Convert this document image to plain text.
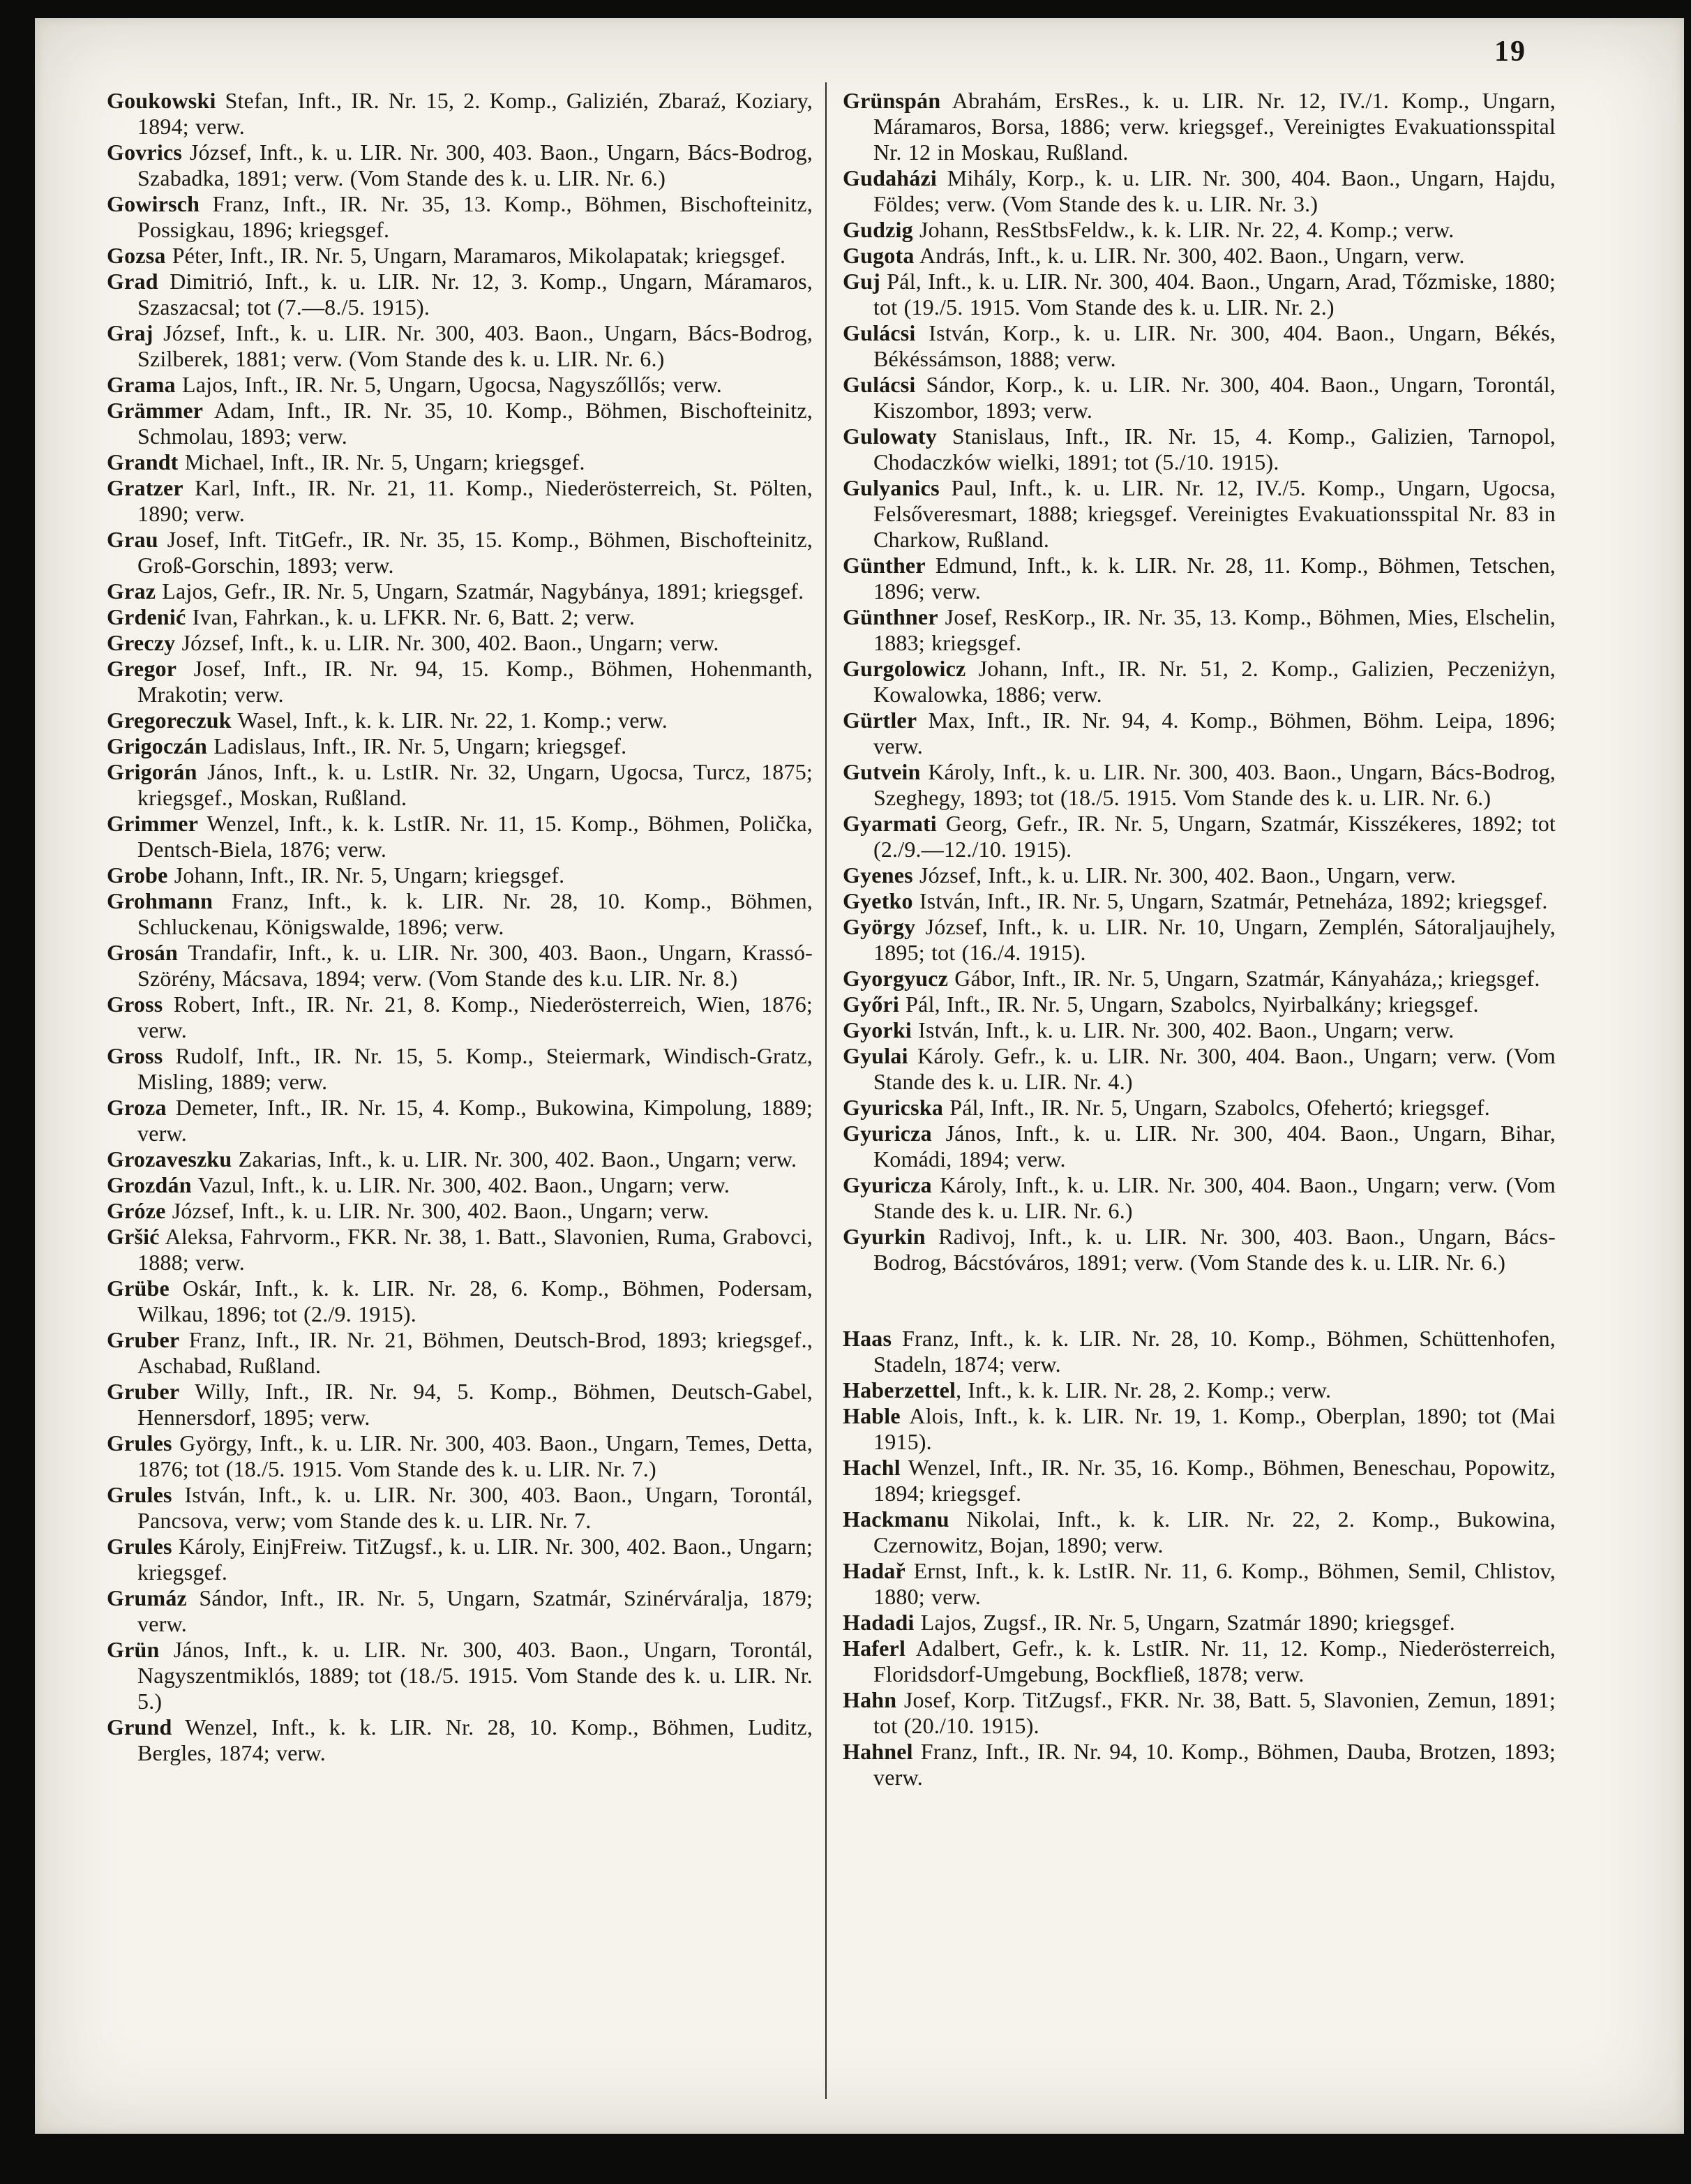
19

Goukowski Stefan, Inft., IR. Nr. 15, 2. Komp., Galizién, Zbaraź, Koziary, 1894; verw.

Govrics József, Inft., k. u. LIR. Nr. 300, 403. Baon., Ungarn, Bács-Bodrog, Szabadka, 1891; verw. (Vom Stande des k. u. LIR. Nr. 6.)

Gowirsch Franz, Inft., IR. Nr. 35, 13. Komp., Böhmen, Bischofteinitz, Possigkau, 1896; kriegsgef.

Gozsa Péter, Inft., IR. Nr. 5, Ungarn, Maramaros, Mikolapatak; kriegsgef.

Grad Dimitrió, Inft., k. u. LIR. Nr. 12, 3. Komp., Ungarn, Máramaros, Szaszacsal; tot (7.—8./5. 1915).

Graj József, Inft., k. u. LIR. Nr. 300, 403. Baon., Ungarn, Bács-Bodrog, Szilberek, 1881; verw. (Vom Stande des k. u. LIR. Nr. 6.)

Grama Lajos, Inft., IR. Nr. 5, Ungarn, Ugocsa, Nagyszőllős; verw.

Grämmer Adam, Inft., IR. Nr. 35, 10. Komp., Böhmen, Bischofteinitz, Schmolau, 1893; verw.

Grandt Michael, Inft., IR. Nr. 5, Ungarn; kriegsgef.

Gratzer Karl, Inft., IR. Nr. 21, 11. Komp., Niederösterreich, St. Pölten, 1890; verw.

Grau Josef, Inft. TitGefr., IR. Nr. 35, 15. Komp., Böhmen, Bischofteinitz, Groß-Gorschin, 1893; verw.

Graz Lajos, Gefr., IR. Nr. 5, Ungarn, Szatmár, Nagybánya, 1891; kriegsgef.

Grdenić Ivan, Fahrkan., k. u. LFKR. Nr. 6, Batt. 2; verw.

Greczy József, Inft., k. u. LIR. Nr. 300, 402. Baon., Ungarn; verw.

Gregor Josef, Inft., IR. Nr. 94, 15. Komp., Böhmen, Hohenmanth, Mrakotin; verw.

Gregoreczuk Wasel, Inft., k. k. LIR. Nr. 22, 1. Komp.; verw.

Grigoczán Ladislaus, Inft., IR. Nr. 5, Ungarn; kriegsgef.

Grigorán János, Inft., k. u. LstIR. Nr. 32, Ungarn, Ugocsa, Turcz, 1875; kriegsgef., Moskan, Rußland.

Grimmer Wenzel, Inft., k. k. LstIR. Nr. 11, 15. Komp., Böhmen, Polička, Dentsch-Biela, 1876; verw.

Grobe Johann, Inft., IR. Nr. 5, Ungarn; kriegsgef.

Grohmann Franz, Inft., k. k. LIR. Nr. 28, 10. Komp., Böhmen, Schluckenau, Königswalde, 1896; verw.

Grosán Trandafir, Inft., k. u. LIR. Nr. 300, 403. Baon., Ungarn, Krassó-Szörény, Mácsava, 1894; verw. (Vom Stande des k.u. LIR. Nr. 8.)

Gross Robert, Inft., IR. Nr. 21, 8. Komp., Niederösterreich, Wien, 1876; verw.

Gross Rudolf, Inft., IR. Nr. 15, 5. Komp., Steiermark, Windisch-Gratz, Misling, 1889; verw.

Groza Demeter, Inft., IR. Nr. 15, 4. Komp., Bukowina, Kimpolung, 1889; verw.

Grozaveszku Zakarias, Inft., k. u. LIR. Nr. 300, 402. Baon., Ungarn; verw.

Grozdán Vazul, Inft., k. u. LIR. Nr. 300, 402. Baon., Ungarn; verw.

Gróze József, Inft., k. u. LIR. Nr. 300, 402. Baon., Ungarn; verw.

Gršić Aleksa, Fahrvorm., FKR. Nr. 38, 1. Batt., Slavonien, Ruma, Grabovci, 1888; verw.

Grübe Oskár, Inft., k. k. LIR. Nr. 28, 6. Komp., Böhmen, Podersam, Wilkau, 1896; tot (2./9. 1915).

Gruber Franz, Inft., IR. Nr. 21, Böhmen, Deutsch-Brod, 1893; kriegsgef., Aschabad, Rußland.

Gruber Willy, Inft., IR. Nr. 94, 5. Komp., Böhmen, Deutsch-Gabel, Hennersdorf, 1895; verw.

Grules György, Inft., k. u. LIR. Nr. 300, 403. Baon., Ungarn, Temes, Detta, 1876; tot (18./5. 1915. Vom Stande des k. u. LIR. Nr. 7.)

Grules István, Inft., k. u. LIR. Nr. 300, 403. Baon., Ungarn, Torontál, Pancsova, verw; vom Stande des k. u. LIR. Nr. 7.

Grules Károly, EinjFreiw. TitZugsf., k. u. LIR. Nr. 300, 402. Baon., Ungarn; kriegsgef.

Grumáz Sándor, Inft., IR. Nr. 5, Ungarn, Szatmár, Szinérváralja, 1879; verw.

Grün János, Inft., k. u. LIR. Nr. 300, 403. Baon., Ungarn, Torontál, Nagyszentmiklós, 1889; tot (18./5. 1915. Vom Stande des k. u. LIR. Nr. 5.)

Grund Wenzel, Inft., k. k. LIR. Nr. 28, 10. Komp., Böhmen, Luditz, Bergles, 1874; verw.

Grünspán Abrahám, ErsRes., k. u. LIR. Nr. 12, IV./1. Komp., Ungarn, Máramaros, Borsa, 1886; verw. kriegsgef., Vereinigtes Evakuationsspital Nr. 12 in Moskau, Rußland.

Gudaházi Mihály, Korp., k. u. LIR. Nr. 300, 404. Baon., Ungarn, Hajdu, Földes; verw. (Vom Stande des k. u. LIR. Nr. 3.)

Gudzig Johann, ResStbsFeldw., k. k. LIR. Nr. 22, 4. Komp.; verw.

Gugota András, Inft., k. u. LIR. Nr. 300, 402. Baon., Ungarn, verw.

Guj Pál, Inft., k. u. LIR. Nr. 300, 404. Baon., Ungarn, Arad, Tőzmiske, 1880; tot (19./5. 1915. Vom Stande des k. u. LIR. Nr. 2.)

Gulácsi István, Korp., k. u. LIR. Nr. 300, 404. Baon., Ungarn, Békés, Békéssámson, 1888; verw.

Gulácsi Sándor, Korp., k. u. LIR. Nr. 300, 404. Baon., Ungarn, Torontál, Kiszombor, 1893; verw.

Gulowaty Stanislaus, Inft., IR. Nr. 15, 4. Komp., Galizien, Tarnopol, Chodaczków wielki, 1891; tot (5./10. 1915).

Gulyanics Paul, Inft., k. u. LIR. Nr. 12, IV./5. Komp., Ungarn, Ugocsa, Felsőveresmart, 1888; kriegsgef. Vereinigtes Evakuationsspital Nr. 83 in Charkow, Rußland.

Günther Edmund, Inft., k. k. LIR. Nr. 28, 11. Komp., Böhmen, Tetschen, 1896; verw.

Günthner Josef, ResKorp., IR. Nr. 35, 13. Komp., Böhmen, Mies, Elschelin, 1883; kriegsgef.

Gurgolowicz Johann, Inft., IR. Nr. 51, 2. Komp., Galizien, Peczeniżyn, Kowalowka, 1886; verw.

Gürtler Max, Inft., IR. Nr. 94, 4. Komp., Böhmen, Böhm. Leipa, 1896; verw.

Gutvein Károly, Inft., k. u. LIR. Nr. 300, 403. Baon., Ungarn, Bács-Bodrog, Szeghegy, 1893; tot (18./5. 1915. Vom Stande des k. u. LIR. Nr. 6.)

Gyarmati Georg, Gefr., IR. Nr. 5, Ungarn, Szatmár, Kisszékeres, 1892; tot (2./9.—12./10. 1915).

Gyenes József, Inft., k. u. LIR. Nr. 300, 402. Baon., Ungarn, verw.

Gyetko István, Inft., IR. Nr. 5, Ungarn, Szatmár, Petneháza, 1892; kriegsgef.

György József, Inft., k. u. LIR. Nr. 10, Ungarn, Zemplén, Sátoraljaujhely, 1895; tot (16./4. 1915).

Gyorgyucz Gábor, Inft., IR. Nr. 5, Ungarn, Szatmár, Kányaháza,; kriegsgef.

Győri Pál, Inft., IR. Nr. 5, Ungarn, Szabolcs, Nyirbalkány; kriegsgef.

Gyorki István, Inft., k. u. LIR. Nr. 300, 402. Baon., Ungarn; verw.

Gyulai Károly. Gefr., k. u. LIR. Nr. 300, 404. Baon., Ungarn; verw. (Vom Stande des k. u. LIR. Nr. 4.)

Gyuricska Pál, Inft., IR. Nr. 5, Ungarn, Szabolcs, Ofehertó; kriegsgef.

Gyuricza János, Inft., k. u. LIR. Nr. 300, 404. Baon., Ungarn, Bihar, Komádi, 1894; verw.

Gyuricza Károly, Inft., k. u. LIR. Nr. 300, 404. Baon., Ungarn; verw. (Vom Stande des k. u. LIR. Nr. 6.)

Gyurkin Radivoj, Inft., k. u. LIR. Nr. 300, 403. Baon., Ungarn, Bács-Bodrog, Bácstóváros, 1891; verw. (Vom Stande des k. u. LIR. Nr. 6.)

Haas Franz, Inft., k. k. LIR. Nr. 28, 10. Komp., Böhmen, Schüttenhofen, Stadeln, 1874; verw.

Haberzettel, Inft., k. k. LIR. Nr. 28, 2. Komp.; verw.

Hable Alois, Inft., k. k. LIR. Nr. 19, 1. Komp., Oberplan, 1890; tot (Mai 1915).

Hachl Wenzel, Inft., IR. Nr. 35, 16. Komp., Böhmen, Beneschau, Popowitz, 1894; kriegsgef.

Hackmanu Nikolai, Inft., k. k. LIR. Nr. 22, 2. Komp., Bukowina, Czernowitz, Bojan, 1890; verw.

Hadař Ernst, Inft., k. k. LstIR. Nr. 11, 6. Komp., Böhmen, Semil, Chlistov, 1880; verw.

Hadadi Lajos, Zugsf., IR. Nr. 5, Ungarn, Szatmár 1890; kriegsgef.

Haferl Adalbert, Gefr., k. k. LstIR. Nr. 11, 12. Komp., Niederösterreich, Floridsdorf-Umgebung, Bockfließ, 1878; verw.

Hahn Josef, Korp. TitZugsf., FKR. Nr. 38, Batt. 5, Slavonien, Zemun, 1891; tot (20./10. 1915).

Hahnel Franz, Inft., IR. Nr. 94, 10. Komp., Böhmen, Dauba, Brotzen, 1893; verw.
